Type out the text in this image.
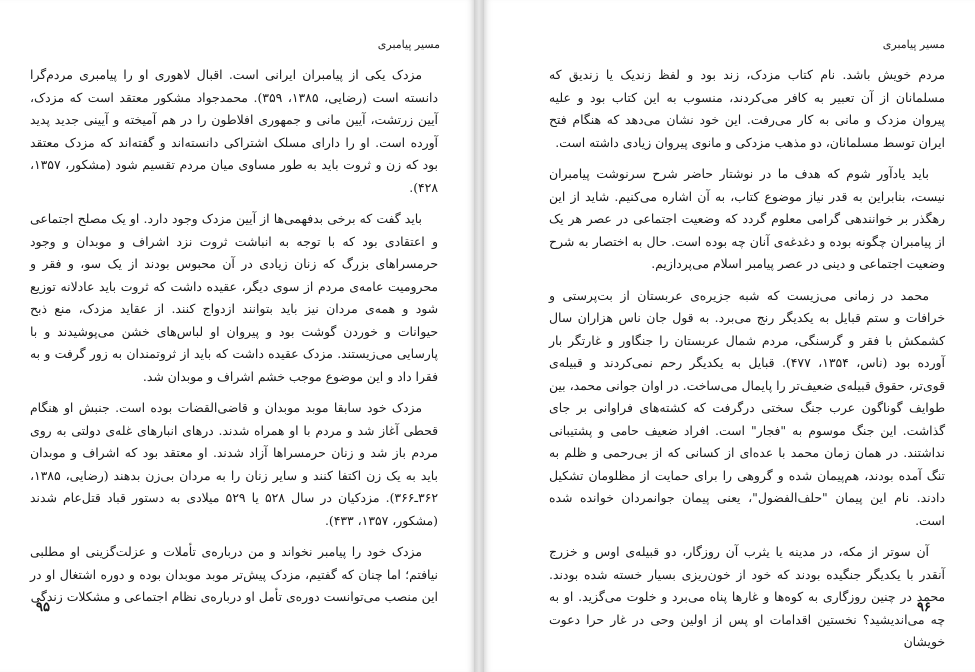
مسیر پیامبری

مزدک یکی از پیامبران ایرانی است. اقبال لاهوری او را پیامبری مردم‌گرا دانسته است (رضایی، ۱۳۸۵، ۳۵۹). محمدجواد مشکور معتقد است که مزدک، آیین زرتشت، آیین مانی و جمهوری افلاطون را در هم آمیخته و آیینی جدید پدید آورده است. او را دارای مسلک اشتراکی دانسته‌اند و گفته‌اند که مزدک معتقد بود که زن و ثروت باید به طور مساوی میان مردم تقسیم شود (مشکور، ۱۳۵۷، ۴۲۸).

باید گفت که برخی بدفهمی‌ها از آیین مزدک وجود دارد. او یک مصلح اجتماعی و اعتقادی بود که با توجه به انباشت ثروت نزد اشراف و موبدان و وجود حرمسراهای بزرگ که زنان زیادی در آن محبوس بودند از یک سو، و فقر و محرومیت عامه‌ی مردم از سوی دیگر، عقیده داشت که ثروت باید عادلانه توزیع شود و همه‌ی مردان نیز باید بتوانند ازدواج کنند. از عقاید مزدک، منع ذبح حیوانات و خوردن گوشت بود و پیروان او لباس‌های خشن می‌پوشیدند و با پارسایی می‌زیستند. مزدک عقیده داشت که باید از ثروتمندان به زور گرفت و به فقرا داد و این موضوع موجب خشم اشراف و موبدان شد.

مزدک خود سابقا موبد موبدان و قاضی‌القضات بوده است. جنبش او هنگام قحطی آغاز شد و مردم با او همراه شدند. درهای انبارهای غله‌ی دولتی به روی مردم باز شد و زنان حرمسراها آزاد شدند. او معتقد بود که اشراف و موبدان باید به یک زن اکتفا کنند و سایر زنان را به مردان بی‌زن بدهند (رضایی، ۱۳۸۵، ۳۶۲ـ۳۶۶). مزدکیان در سال ۵۲۸ یا ۵۲۹ میلادی به دستور قباد قتل‌عام شدند (مشکور، ۱۳۵۷، ۴۳۳).

مزدک خود را پیامبر نخواند و من درباره‌ی تأملات و عزلت‌گزینی او مطلبی نیافتم؛ اما چنان که گفتیم، مزدک پیش‌تر موبد موبدان بوده و دوره اشتغال او در این منصب می‌توانست دوره‌ی تأمل او درباره‌ی نظام اجتماعی و مشکلات زندگی

۹۵
مسیر پیامبری

مردم خویش باشد. نام کتاب مزدک، زند بود و لفظ زندیک یا زندیق که مسلمانان از آن تعبیر به کافر می‌کردند، منسوب به این کتاب بود و علیه پیروان مزدک و مانی به کار می‌رفت. این خود نشان می‌دهد که هنگام فتح ایران توسط مسلمانان، دو مذهب مزدکی و مانوی پیروان زیادی داشته است.

باید یادآور شوم که هدف ما در نوشتار حاضر شرح سرنوشت پیامبران نیست، بنابراین به قدر نیاز موضوع کتاب، به آن اشاره می‌کنیم. شاید از این رهگذر بر خوانندهی گرامی معلوم گردد که وضعیت اجتماعی در عصر هر یک از پیامبران چگونه بوده و دغدغه‌ی آنان چه بوده است. حال به اختصار به شرح وضعیت اجتماعی و دینی در عصر پیامبر اسلام می‌پردازیم.

محمد در زمانی می‌زیست که شبه جزیره‌ی عربستان از بت‌پرستی و خرافات و ستم قبایل به یکدیگر رنج می‌برد. به قول جان ناس هزاران سال کشمکش با فقر و گرسنگی، مردم شمال عربستان را جنگاور و غارتگر بار آورده بود (ناس، ۱۳۵۴، ۴۷۷). قبایل به یکدیگر رحم نمی‌کردند و قبیله‌ی قوی‌تر، حقوق قبیله‌ی ضعیف‌تر را پایمال می‌ساخت. در اوان جوانی محمد، بین طوایف گوناگون عرب جنگ سختی درگرفت که کشته‌های فراوانی بر جای گذاشت. این جنگ موسوم به "فجار" است. افراد ضعیف حامی و پشتیبانی نداشتند. در همان زمان محمد با عده‌ای از کسانی که از بی‌رحمی و ظلم به تنگ آمده بودند، هم‌پیمان شده و گروهی را برای حمایت از مظلومان تشکیل دادند. نام این پیمان "حلف‌الفضول"، یعنی پیمان جوانمردان خوانده شده است.

آن سوتر از مکه، در مدینه یا یثرب آن روزگار، دو قبیله‌ی اوس و خزرج آنقدر با یکدیگر جنگیده بودند که خود از خون‌ریزی بسیار خسته شده بودند. محمد در چنین روزگاری به کوه‌ها و غارها پناه می‌برد و خلوت می‌گزید. او به چه می‌اندیشید؟ نخستین اقدامات او پس از اولین وحی در غار حرا دعوت خویشان

۹۶
